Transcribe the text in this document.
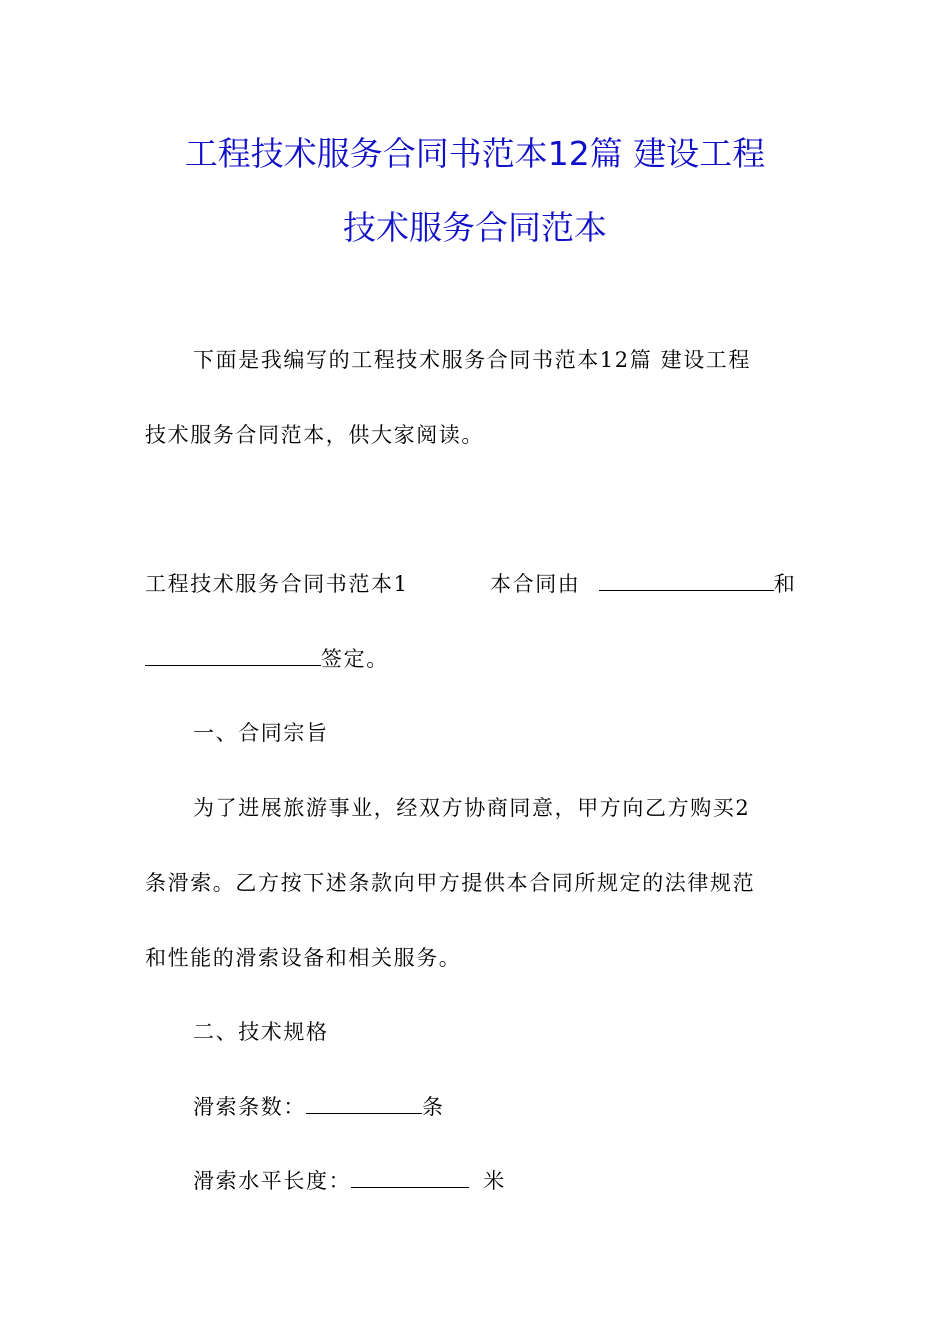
工程技术服务合同书范本12篇 建设工程
技术服务合同范本
下面是我编写的工程技术服务合同书范本12篇 建设工程
技术服务合同范本，供大家阅读。
工程技术服务合同书范本1	本合同由	和
签定。
一、合同宗旨
为了进展旅游事业，经双方协商同意，甲方向乙方购买2
条滑索。乙方按下述条款向甲方提供本合同所规定的法律规范
和性能的滑索设备和相关服务。
二、技术规格
滑索条数：	条
滑索水平长度：	米
